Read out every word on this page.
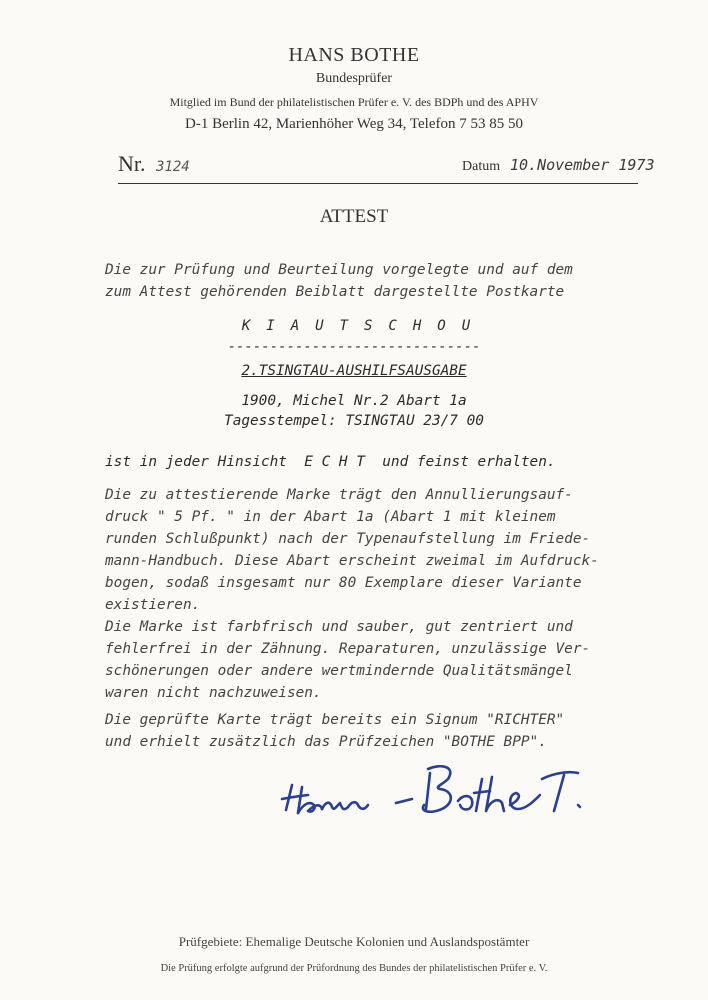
HANS BOTHE
Bundesprüfer
Mitglied im Bund der philatelistischen Prüfer e. V. des BDPh und des APHV
D-1 Berlin 42, Marienhöher Weg 34, Telefon 7 53 85 50
Nr. 3124	Datum 10.November 1973
ATTEST
Die zur Prüfung und Beurteilung vorgelegte und auf dem
zum Attest gehörenden Beiblatt dargestellte Postkarte
KIAUTSCHOU
------------------------------
2.TSINGTAU-AUSHILFSAUSGABE
1900, Michel Nr.2 Abart 1a
Tagesstempel: TSINGTAU 23/7 00
ist in jeder Hinsicht  E C H T  und feinst erhalten.
Die zu attestierende Marke trägt den Annullierungsauf-
druck " 5 Pf. " in der Abart 1a (Abart 1 mit kleinem
runden Schlußpunkt) nach der Typenaufstellung im Friede-
mann-Handbuch. Diese Abart erscheint zweimal im Aufdruck-
bogen, sodaß insgesamt nur 80 Exemplare dieser Variante
existieren.
Die Marke ist farbfrisch und sauber, gut zentriert und
fehlerfrei in der Zähnung. Reparaturen, unzulässige Ver-
schönerungen oder andere wertmindernde Qualitätsmängel
waren nicht nachzuweisen.
Die geprüfte Karte trägt bereits ein Signum "RICHTER"
und erhielt zusätzlich das Prüfzeichen "BOTHE BPP".
Prüfgebiete: Ehemalige Deutsche Kolonien und Auslandspostämter
Die Prüfung erfolgte aufgrund der Prüfordnung des Bundes der philatelistischen Prüfer e. V.
